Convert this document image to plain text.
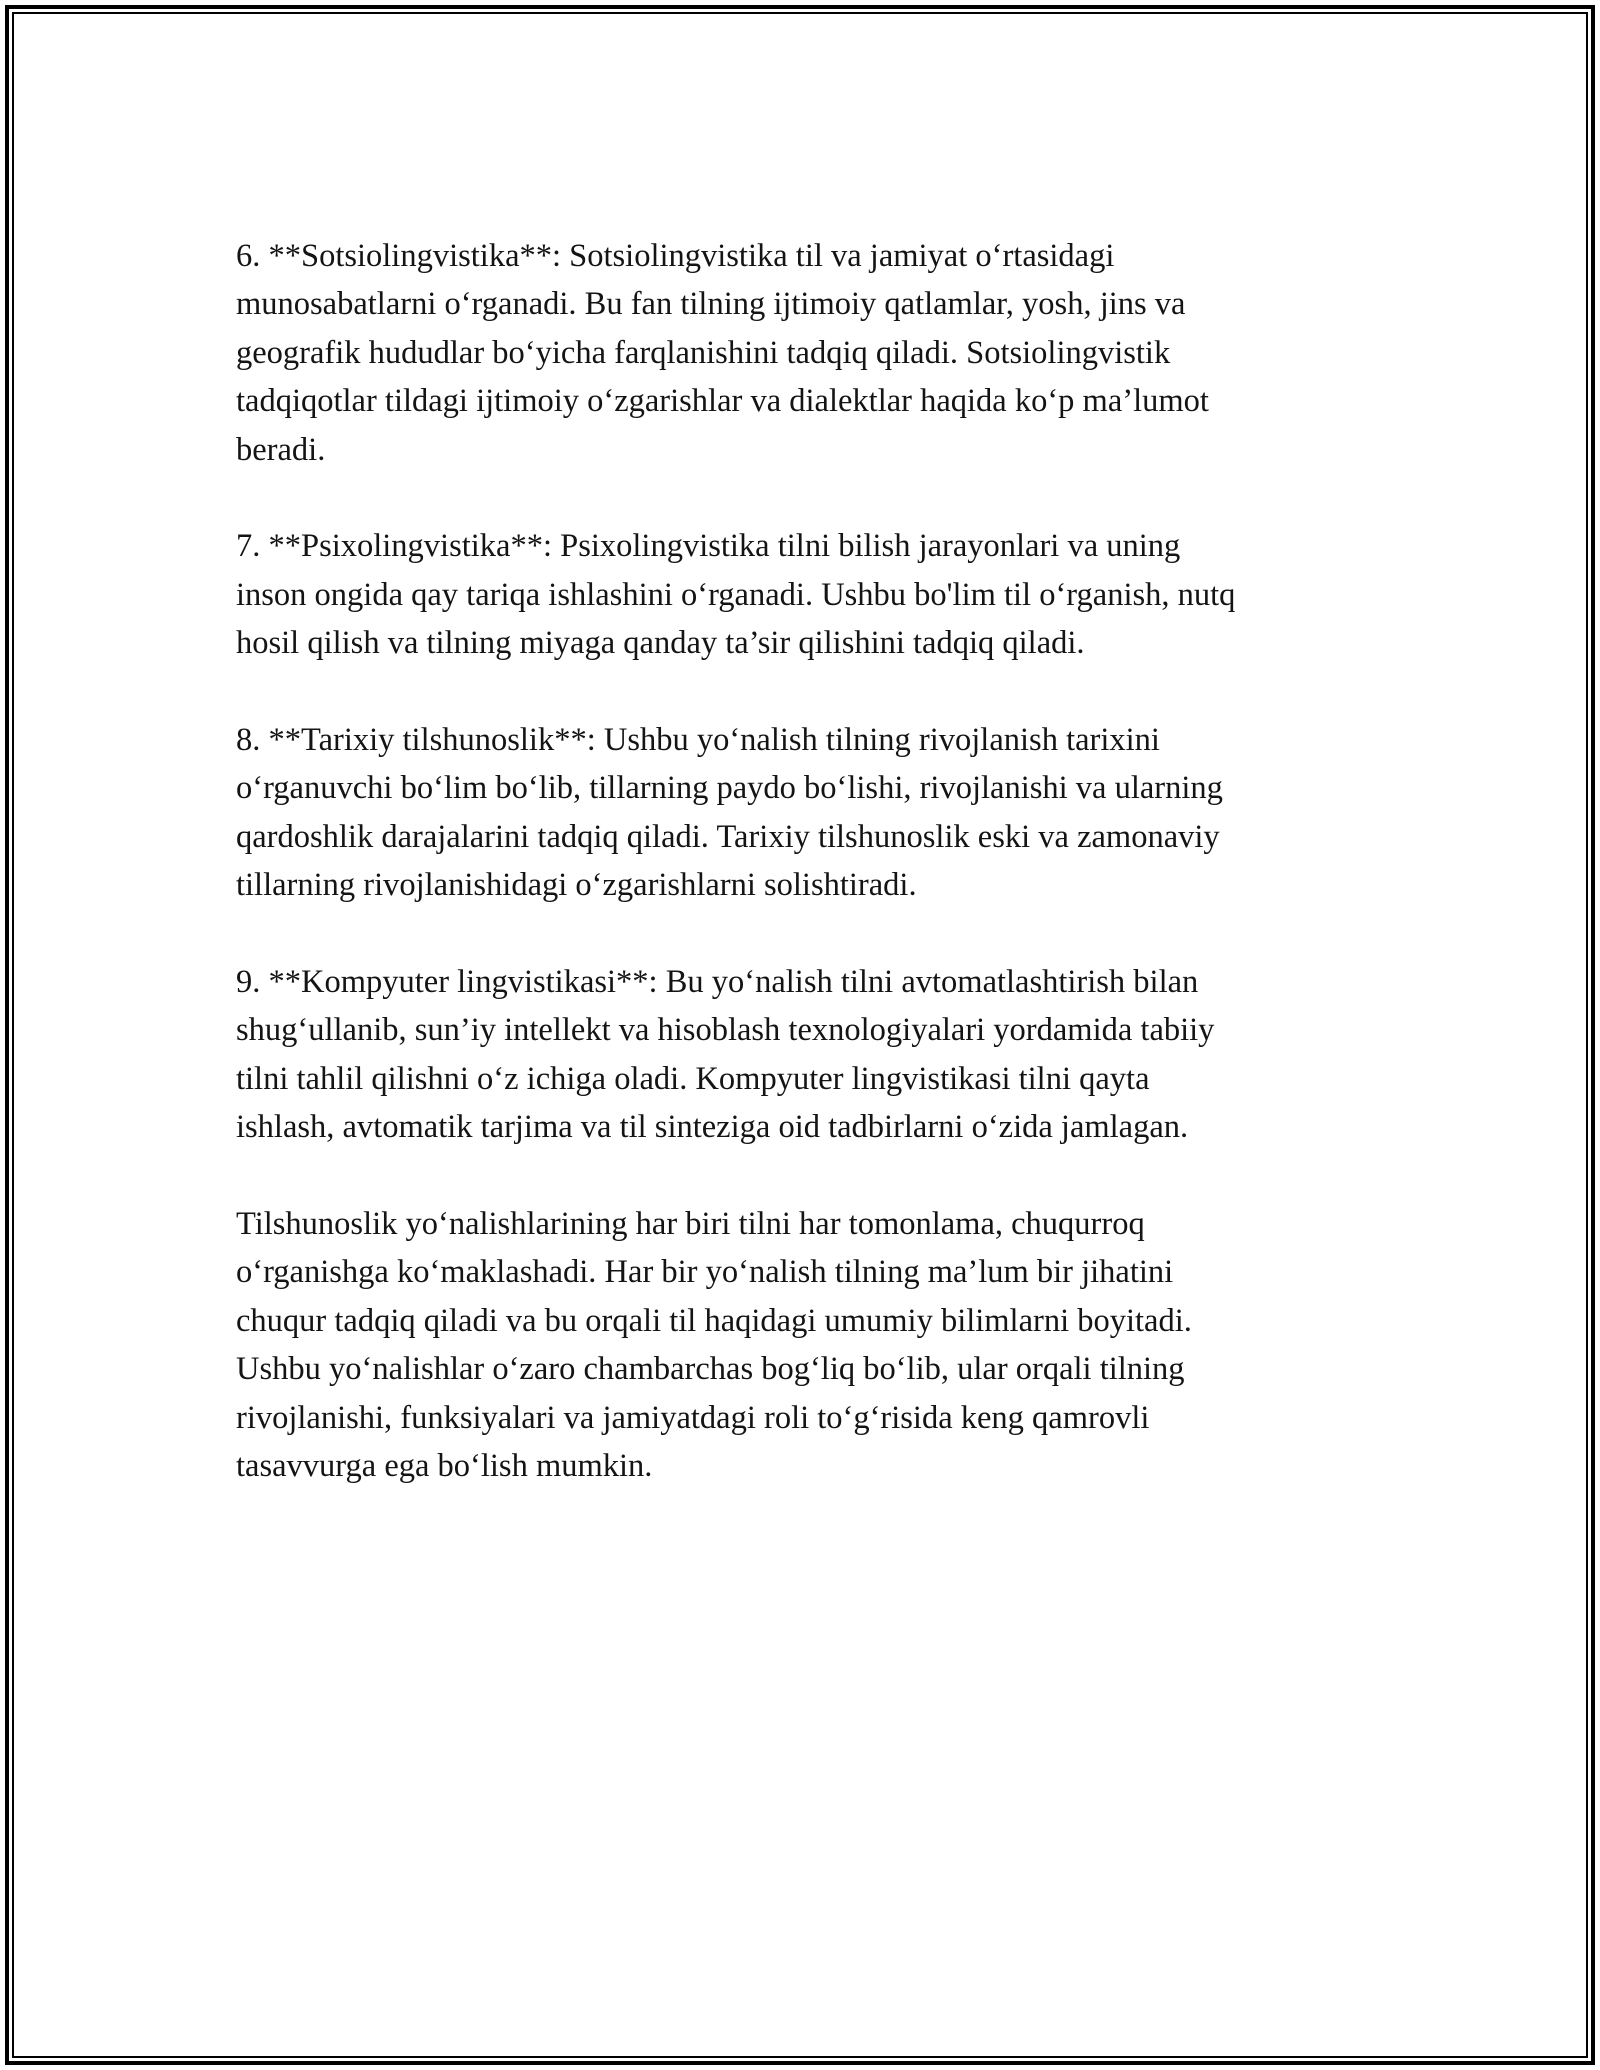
6. **Sotsiolingvistika**: Sotsiolingvistika til va jamiyat o‘rtasidagi
munosabatlarni o‘rganadi. Bu fan tilning ijtimoiy qatlamlar, yosh, jins va
geografik hududlar bo‘yicha farqlanishini tadqiq qiladi. Sotsiolingvistik
tadqiqotlar tildagi ijtimoiy o‘zgarishlar va dialektlar haqida ko‘p ma’lumot
beradi.

7. **Psixolingvistika**: Psixolingvistika tilni bilish jarayonlari va uning
inson ongida qay tariqa ishlashini o‘rganadi. Ushbu bo'lim til o‘rganish, nutq
hosil qilish va tilning miyaga qanday ta’sir qilishini tadqiq qiladi.

8. **Tarixiy tilshunoslik**: Ushbu yo‘nalish tilning rivojlanish tarixini
o‘rganuvchi bo‘lim bo‘lib, tillarning paydo bo‘lishi, rivojlanishi va ularning
qardoshlik darajalarini tadqiq qiladi. Tarixiy tilshunoslik eski va zamonaviy
tillarning rivojlanishidagi o‘zgarishlarni solishtiradi.

9. **Kompyuter lingvistikasi**: Bu yo‘nalish tilni avtomatlashtirish bilan
shug‘ullanib, sun’iy intellekt va hisoblash texnologiyalari yordamida tabiiy
tilni tahlil qilishni o‘z ichiga oladi. Kompyuter lingvistikasi tilni qayta
ishlash, avtomatik tarjima va til sinteziga oid tadbirlarni o‘zida jamlagan.

Tilshunoslik yo‘nalishlarining har biri tilni har tomonlama, chuqurroq
o‘rganishga ko‘maklashadi. Har bir yo‘nalish tilning ma’lum bir jihatini
chuqur tadqiq qiladi va bu orqali til haqidagi umumiy bilimlarni boyitadi.
Ushbu yo‘nalishlar o‘zaro chambarchas bog‘liq bo‘lib, ular orqali tilning
rivojlanishi, funksiyalari va jamiyatdagi roli to‘g‘risida keng qamrovli
tasavvurga ega bo‘lish mumkin.
